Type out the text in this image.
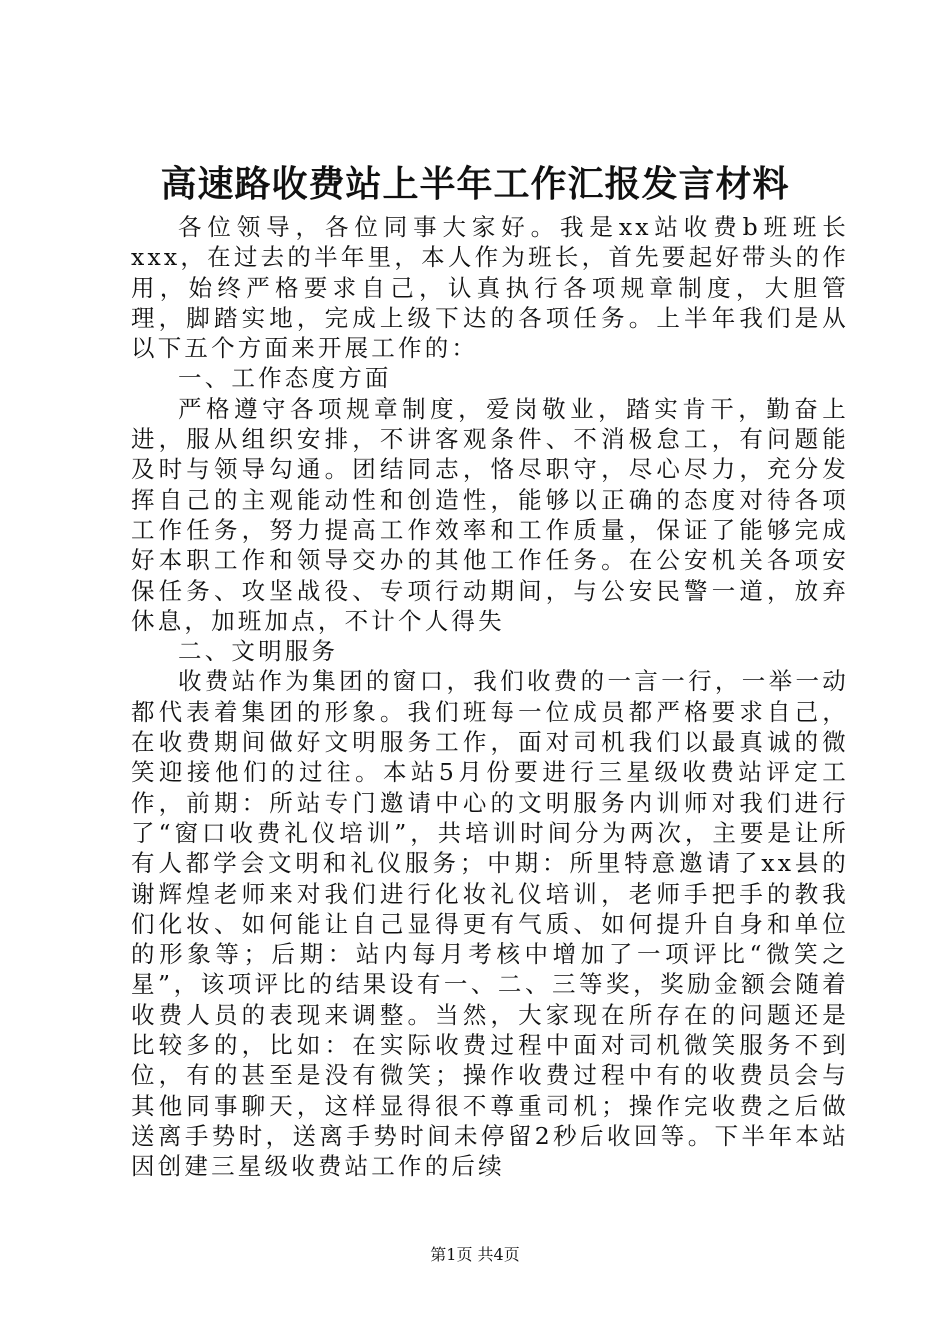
高速路收费站上半年工作汇报发言材料

各位领导，各位同事大家好。我是xx站收费b班班长xxx，在过去的半年里，本人作为班长，首先要起好带头的作用，始终严格要求自己，认真执行各项规章制度，大胆管理，脚踏实地，完成上级下达的各项任务。上半年我们是从以下五个方面来开展工作的：

一、工作态度方面

严格遵守各项规章制度，爱岗敬业，踏实肯干，勤奋上进，服从组织安排，不讲客观条件、不消极怠工，有问题能及时与领导勾通。团结同志，恪尽职守，尽心尽力，充分发挥自己的主观能动性和创造性，能够以正确的态度对待各项工作任务，努力提高工作效率和工作质量，保证了能够完成好本职工作和领导交办的其他工作任务。在公安机关各项安保任务、攻坚战役、专项行动期间，与公安民警一道，放弃休息，加班加点，不计个人得失

二、文明服务

收费站作为集团的窗口，我们收费的一言一行，一举一动都代表着集团的形象。我们班每一位成员都严格要求自己，在收费期间做好文明服务工作，面对司机我们以最真诚的微笑迎接他们的过往。本站5月份要进行三星级收费站评定工作，前期：所站专门邀请中心的文明服务内训师对我们进行了“窗口收费礼仪培训”，共培训时间分为两次，主要是让所有人都学会文明和礼仪服务；中期：所里特意邀请了xx县的谢辉煌老师来对我们进行化妆礼仪培训，老师手把手的教我们化妆、如何能让自己显得更有气质、如何提升自身和单位的形象等；后期：站内每月考核中增加了一项评比“微笑之星”，该项评比的结果设有一、二、三等奖，奖励金额会随着收费人员的表现来调整。当然，大家现在所存在的问题还是比较多的，比如：在实际收费过程中面对司机微笑服务不到位，有的甚至是没有微笑；操作收费过程中有的收费员会与其他同事聊天，这样显得很不尊重司机；操作完收费之后做送离手势时，送离手势时间未停留2秒后收回等。下半年本站因创建三星级收费站工作的后续

第1页 共4页
